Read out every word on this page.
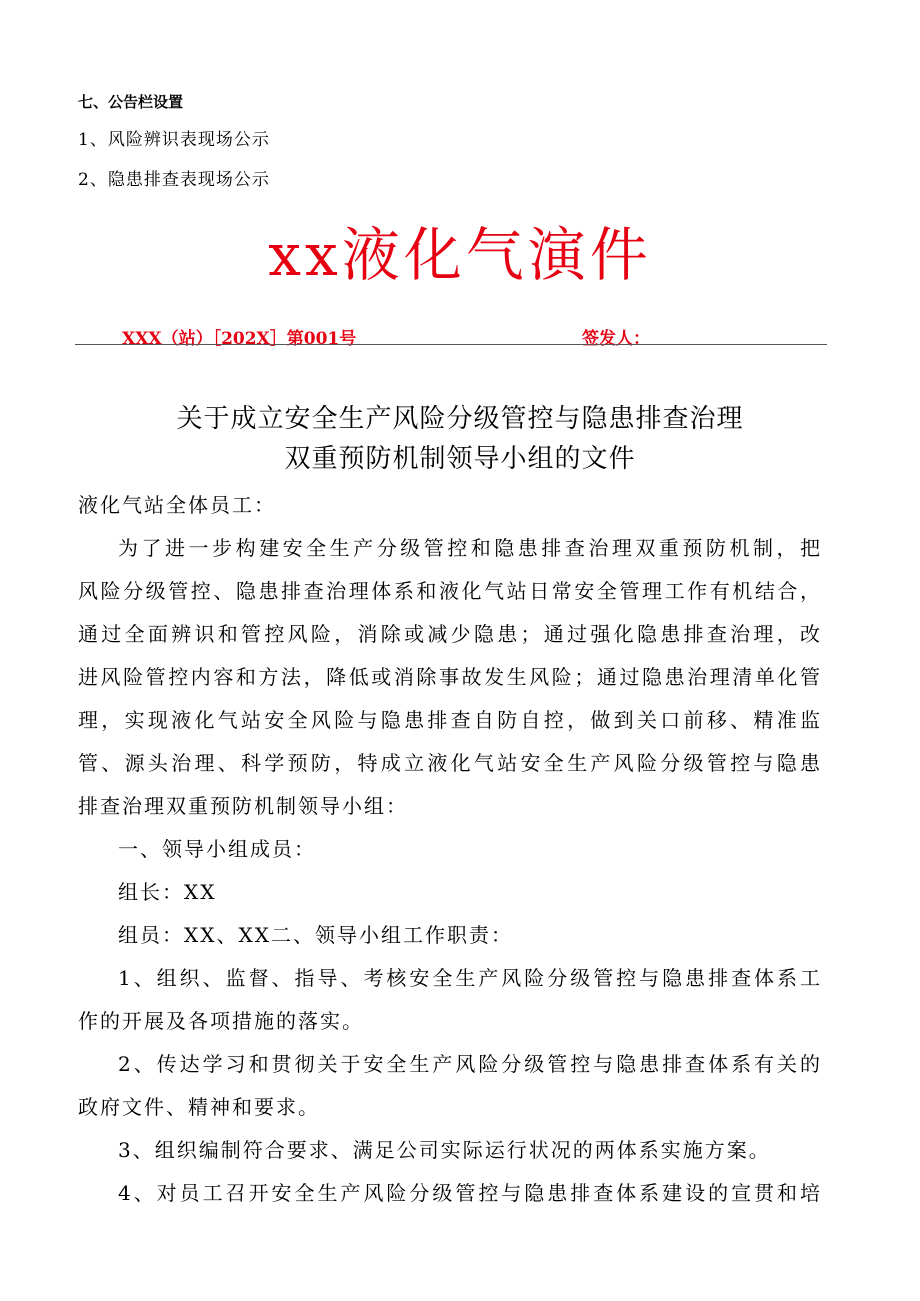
七、公告栏设置
1、风险辨识表现场公示
2、隐患排查表现场公示
xx液化气演件
XXX（站）［202X］第001号	签发人：
关于成立安全生产风险分级管控与隐患排查治理
双重预防机制领导小组的文件
液化气站全体员工：
为了进一步构建安全生产分级管控和隐患排查治理双重预防机制，把
风险分级管控、隐患排查治理体系和液化气站日常安全管理工作有机结合，
通过全面辨识和管控风险，消除或减少隐患；通过强化隐患排查治理，改
进风险管控内容和方法，降低或消除事故发生风险；通过隐患治理清单化管
理，实现液化气站安全风险与隐患排查自防自控，做到关口前移、精准监
管、源头治理、科学预防，特成立液化气站安全生产风险分级管控与隐患
排查治理双重预防机制领导小组：
一、领导小组成员：
组长：XX
组员：XX、XX二、领导小组工作职责：
1、组织、监督、指导、考核安全生产风险分级管控与隐患排查体系工
作的开展及各项措施的落实。
2、传达学习和贯彻关于安全生产风险分级管控与隐患排查体系有关的
政府文件、精神和要求。
3、组织编制符合要求、满足公司实际运行状况的两体系实施方案。
4、对员工召开安全生产风险分级管控与隐患排查体系建设的宣贯和培
